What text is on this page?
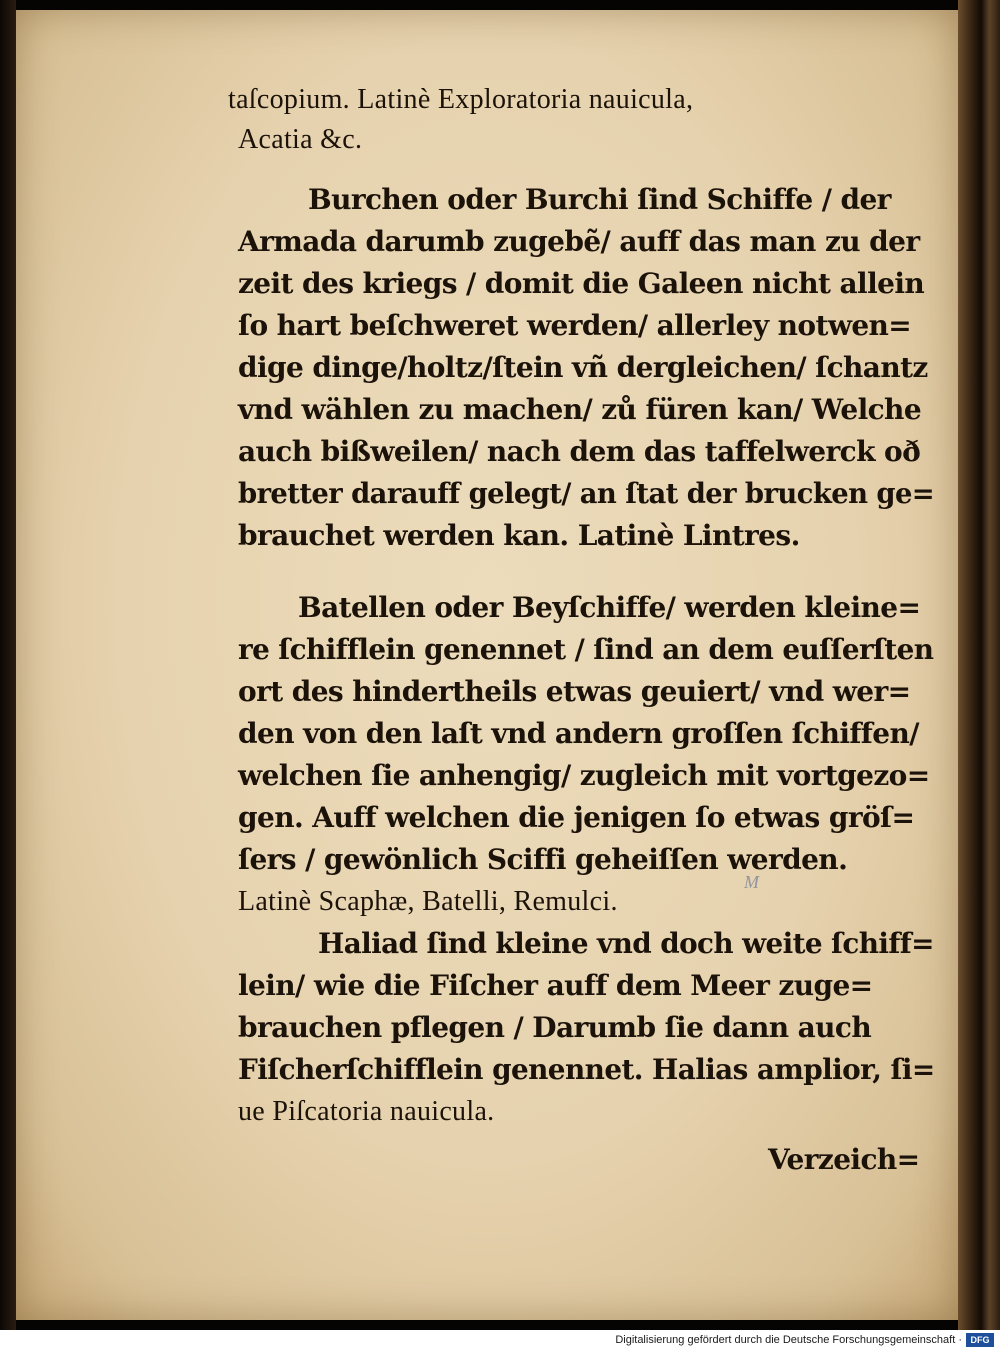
taſcopium. Latinè Exploratoria nauicula,
Acatia &c.
Burchen oder Burchi ſind Schiffe / der
Armada darumb zugebẽ/ auff das man zu der
zeit des kriegs / domit die Galeen nicht allein
ſo hart beſchweret werden/ allerley notwen=
dige dinge/holtz/ſtein vñ dergleichen/ ſchantz
vnd wählen zu machen/ zů füren kan/ Welche
auch bißweilen/ nach dem das taffelwerck oð
bretter darauff gelegt/ an ſtat der brucken ge=
brauchet werden kan. Latinè Lintres.
Batellen oder Beyſchiffe/ werden kleine=
re ſchifflein genennet / ſind an dem euſſerſten
ort des hindertheils etwas geuiert/ vnd wer=
den von den laſt vnd andern groſſen ſchiffen/
welchen ſie anhengig/ zugleich mit vortgezo=
gen. Auff welchen die jenigen ſo etwas gröſ=
ſers / gewönlich Sciffi geheiſſen werden.
Latinè Scaphæ, Batelli, Remulci.
M
Haliad ſind kleine vnd doch weite ſchiff=
lein/ wie die Fiſcher auff dem Meer zuge=
brauchen pflegen / Darumb ſie dann auch
Fiſcherſchifflein genennet. Halias amplior, ſi=
ue Piſcatoria nauicula.
Verzeich=
Digitalisierung gefördert durch die Deutsche Forschungsgemeinschaft · DFG
